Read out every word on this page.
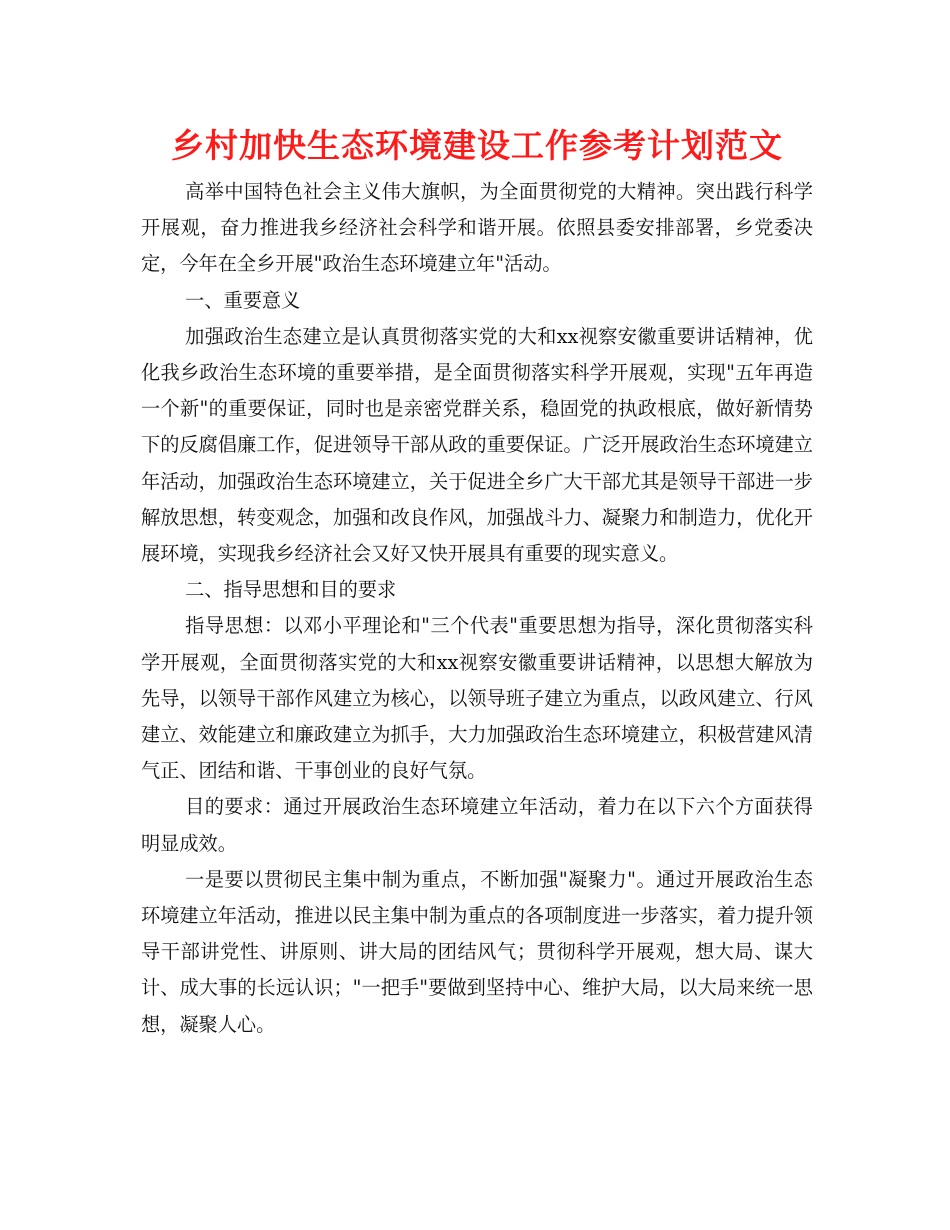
乡村加快生态环境建设工作参考计划范文

高举中国特色社会主义伟大旗帜，为全面贯彻党的大精神。突出践行科学开展观，奋力推进我乡经济社会科学和谐开展。依照县委安排部署，乡党委决定，今年在全乡开展"政治生态环境建立年"活动。

一、重要意义

加强政治生态建立是认真贯彻落实党的大和xx视察安徽重要讲话精神，优化我乡政治生态环境的重要举措，是全面贯彻落实科学开展观，实现"五年再造一个新"的重要保证，同时也是亲密党群关系，稳固党的执政根底，做好新情势下的反腐倡廉工作，促进领导干部从政的重要保证。广泛开展政治生态环境建立年活动，加强政治生态环境建立，关于促进全乡广大干部尤其是领导干部进一步解放思想，转变观念，加强和改良作风，加强战斗力、凝聚力和制造力，优化开展环境，实现我乡经济社会又好又快开展具有重要的现实意义。

二、指导思想和目的要求

指导思想：以邓小平理论和"三个代表"重要思想为指导，深化贯彻落实科学开展观，全面贯彻落实党的大和xx视察安徽重要讲话精神，以思想大解放为先导，以领导干部作风建立为核心，以领导班子建立为重点，以政风建立、行风建立、效能建立和廉政建立为抓手，大力加强政治生态环境建立，积极营建风清气正、团结和谐、干事创业的良好气氛。

目的要求：通过开展政治生态环境建立年活动，着力在以下六个方面获得明显成效。

一是要以贯彻民主集中制为重点，不断加强"凝聚力"。通过开展政治生态环境建立年活动，推进以民主集中制为重点的各项制度进一步落实，着力提升领导干部讲党性、讲原则、讲大局的团结风气；贯彻科学开展观，想大局、谋大计、成大事的长远认识；"一把手"要做到坚持中心、维护大局，以大局来统一思想，凝聚人心。
